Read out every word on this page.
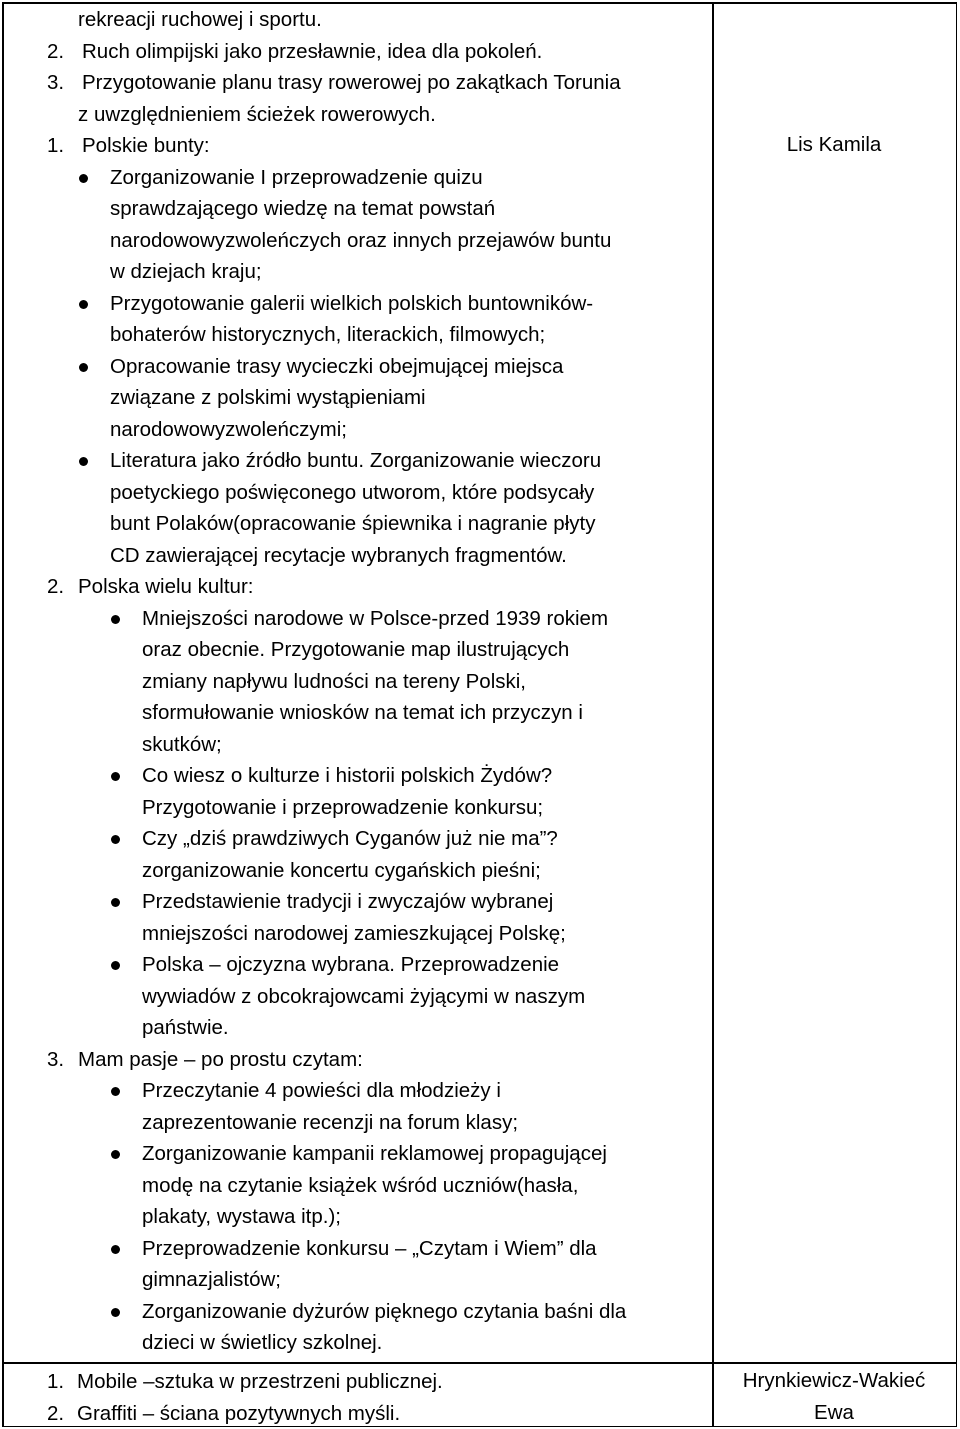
rekreacji ruchowej i sportu.
2. Ruch olimpijski jako przesławnie, idea dla pokoleń.
3. Przygotowanie planu trasy rowerowej po zakątkach Torunia
z uwzględnieniem ścieżek rowerowych.
1. Polskie bunty:
Zorganizowanie I przeprowadzenie quizu
sprawdzającego wiedzę na temat powstań
narodowowyzwoleńczych oraz innych przejawów buntu
w dziejach kraju;
Przygotowanie galerii wielkich polskich buntowników-
bohaterów historycznych, literackich, filmowych;
Opracowanie trasy wycieczki obejmującej miejsca
związane z polskimi wystąpieniami
narodowowyzwoleńczymi;
Literatura jako źródło buntu. Zorganizowanie wieczoru
poetyckiego poświęconego utworom, które podsycały
bunt Polaków(opracowanie śpiewnika i nagranie płyty
CD zawierającej recytacje wybranych fragmentów.
2. Polska wielu kultur:
Mniejszości narodowe w Polsce-przed 1939 rokiem
oraz obecnie. Przygotowanie map ilustrujących
zmiany napływu ludności na tereny Polski,
sformułowanie wniosków na temat ich przyczyn i
skutków;
Co wiesz o kulturze i historii polskich Żydów?
Przygotowanie i przeprowadzenie konkursu;
Czy „dziś prawdziwych Cyganów już nie ma”?
zorganizowanie koncertu cygańskich pieśni;
Przedstawienie tradycji i zwyczajów wybranej
mniejszości narodowej zamieszkującej Polskę;
Polska – ojczyzna wybrana. Przeprowadzenie
wywiadów z obcokrajowcami żyjącymi w naszym
państwie.
3. Mam pasje – po prostu czytam:
Przeczytanie 4 powieści dla młodzieży i
zaprezentowanie recenzji na forum klasy;
Zorganizowanie kampanii reklamowej propagującej
modę na czytanie książek wśród uczniów(hasła,
plakaty, wystawa itp.);
Przeprowadzenie konkursu – „Czytam i Wiem” dla
gimnazjalistów;
Zorganizowanie dyżurów pięknego czytania baśni dla
dzieci w świetlicy szkolnej.
1. Mobile –sztuka w przestrzeni publicznej.
2. Graffiti – ściana pozytywnych myśli.
Lis Kamila
Hrynkiewicz-Wakieć
Ewa
